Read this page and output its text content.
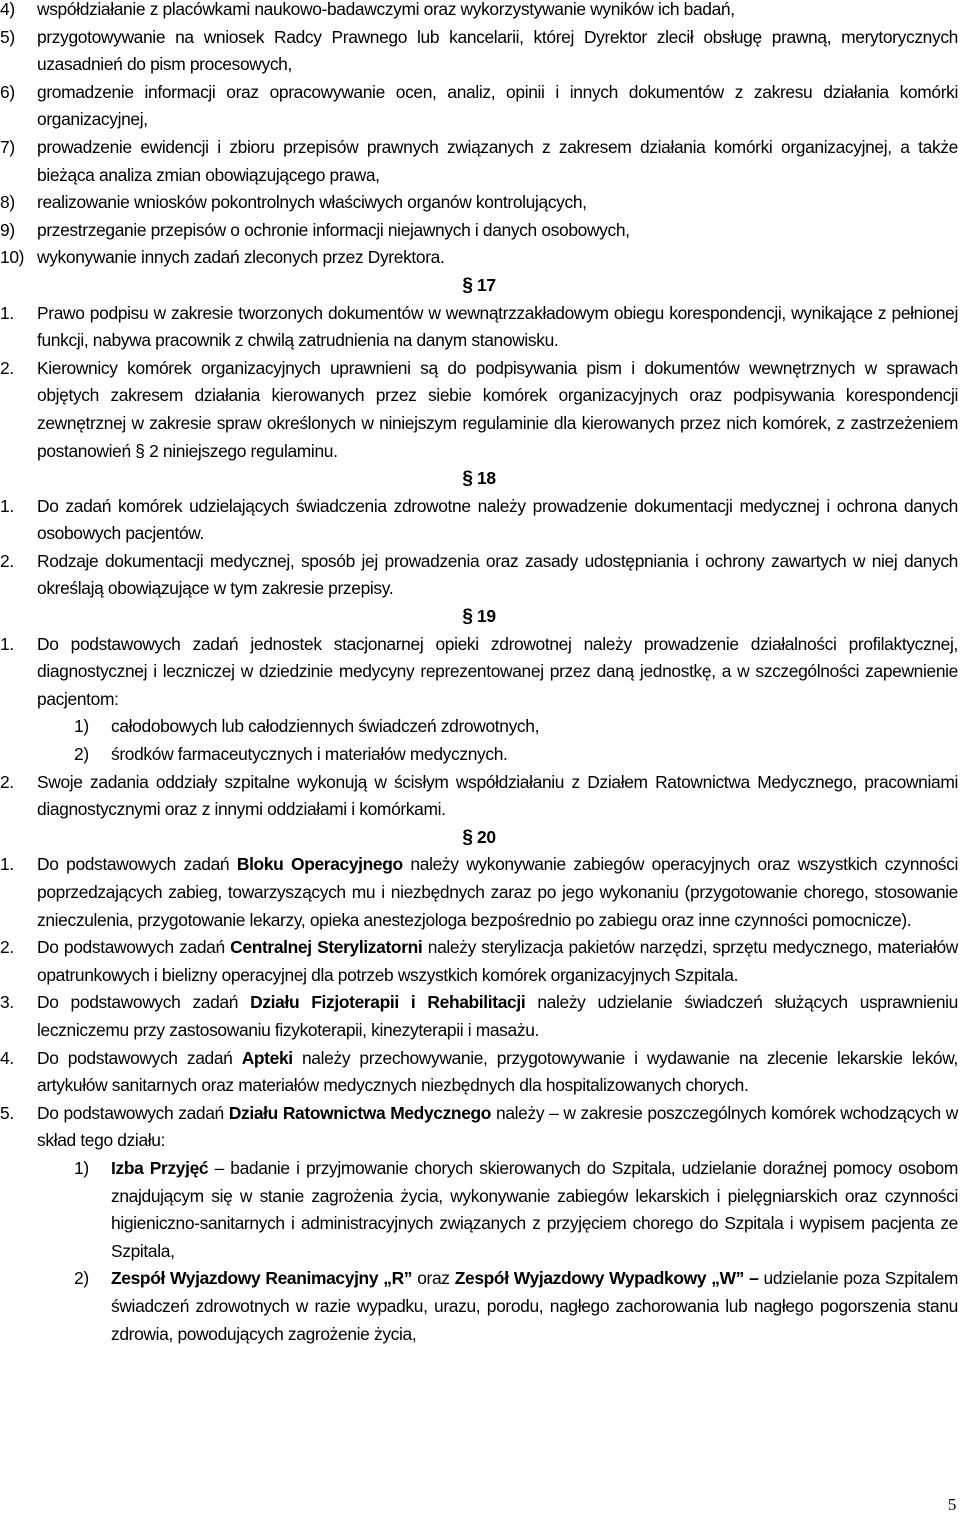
4) współdziałanie z placówkami naukowo-badawczymi oraz wykorzystywanie wyników ich badań,
5) przygotowywanie na wniosek Radcy Prawnego lub kancelarii, której Dyrektor zlecił obsługę prawną, merytorycznych uzasadnień do pism procesowych,
6) gromadzenie informacji oraz opracowywanie ocen, analiz, opinii i innych dokumentów z zakresu działania komórki organizacyjnej,
7) prowadzenie ewidencji i zbioru przepisów prawnych związanych z zakresem działania komórki organizacyjnej, a także bieżąca analiza zmian obowiązującego prawa,
8) realizowanie wniosków pokontrolnych właściwych organów kontrolujących,
9) przestrzeganie przepisów o ochronie informacji niejawnych i danych osobowych,
10) wykonywanie innych zadań zleconych przez Dyrektora.
§ 17
1. Prawo podpisu w zakresie tworzonych dokumentów w wewnątrzzakładowym obiegu korespondencji, wynikające z pełnionej funkcji, nabywa pracownik z chwilą zatrudnienia na danym stanowisku.
2. Kierownicy komórek organizacyjnych uprawnieni są do podpisywania pism i dokumentów wewnętrznych w sprawach objętych zakresem działania kierowanych przez siebie komórek organizacyjnych oraz podpisywania korespondencji zewnętrznej w zakresie spraw określonych w niniejszym regulaminie dla kierowanych przez nich komórek, z zastrzeżeniem postanowień § 2 niniejszego regulaminu.
§ 18
1. Do zadań komórek udzielających świadczenia zdrowotne należy prowadzenie dokumentacji medycznej i ochrona danych osobowych pacjentów.
2. Rodzaje dokumentacji medycznej, sposób jej prowadzenia oraz zasady udostępniania i ochrony zawartych w niej danych określają obowiązujące w tym zakresie przepisy.
§ 19
1. Do podstawowych zadań jednostek stacjonarnej opieki zdrowotnej należy prowadzenie działalności profilaktycznej, diagnostycznej i leczniczej w dziedzinie medycyny reprezentowanej przez daną jednostkę, a w szczególności zapewnienie pacjentom:
1) całodobowych lub całodziennych świadczeń zdrowotnych,
2) środków farmaceutycznych i materiałów medycznych.
2. Swoje zadania oddziały szpitalne wykonują w ścisłym współdziałaniu z Działem Ratownictwa Medycznego, pracowniami diagnostycznymi oraz z innymi oddziałami i komórkami.
§ 20
1. Do podstawowych zadań Bloku Operacyjnego należy wykonywanie zabiegów operacyjnych oraz wszystkich czynności poprzedzających zabieg, towarzyszących mu i niezbędnych zaraz po jego wykonaniu (przygotowanie chorego, stosowanie znieczulenia, przygotowanie lekarzy, opieka anestezjologa bezpośrednio po zabiegu oraz inne czynności pomocnicze).
2. Do podstawowych zadań Centralnej Sterylizatorni należy sterylizacja pakietów narzędzi, sprzętu medycznego, materiałów opatrunkowych i bielizny operacyjnej dla potrzeb wszystkich komórek organizacyjnych Szpitala.
3. Do podstawowych zadań Działu Fizjoterapii i Rehabilitacji należy udzielanie świadczeń służących usprawnieniu leczniczemu przy zastosowaniu fizykoterapii, kinezyterapii i masażu.
4. Do podstawowych zadań Apteki należy przechowywanie, przygotowywanie i wydawanie na zlecenie lekarskie leków, artykułów sanitarnych oraz materiałów medycznych niezbędnych dla hospitalizowanych chorych.
5. Do podstawowych zadań Działu Ratownictwa Medycznego należy – w zakresie poszczególnych komórek wchodzących w skład tego działu:
1) Izba Przyjęć – badanie i przyjmowanie chorych skierowanych do Szpitala, udzielanie doraźnej pomocy osobom znajdującym się w stanie zagrożenia życia, wykonywanie zabiegów lekarskich i pielęgniarskich oraz czynności higieniczno-sanitarnych i administracyjnych związanych z przyjęciem chorego do Szpitala i wypisem pacjenta ze Szpitala,
2) Zespół Wyjazdowy Reanimacyjny „R” oraz Zespół Wyjazdowy Wypadkowy „W” – udzielanie poza Szpitalem świadczeń zdrowotnych w razie wypadku, urazu, porodu, nagłego zachorowania lub nagłego pogorszenia stanu zdrowia, powodujących zagrożenie życia,
5
